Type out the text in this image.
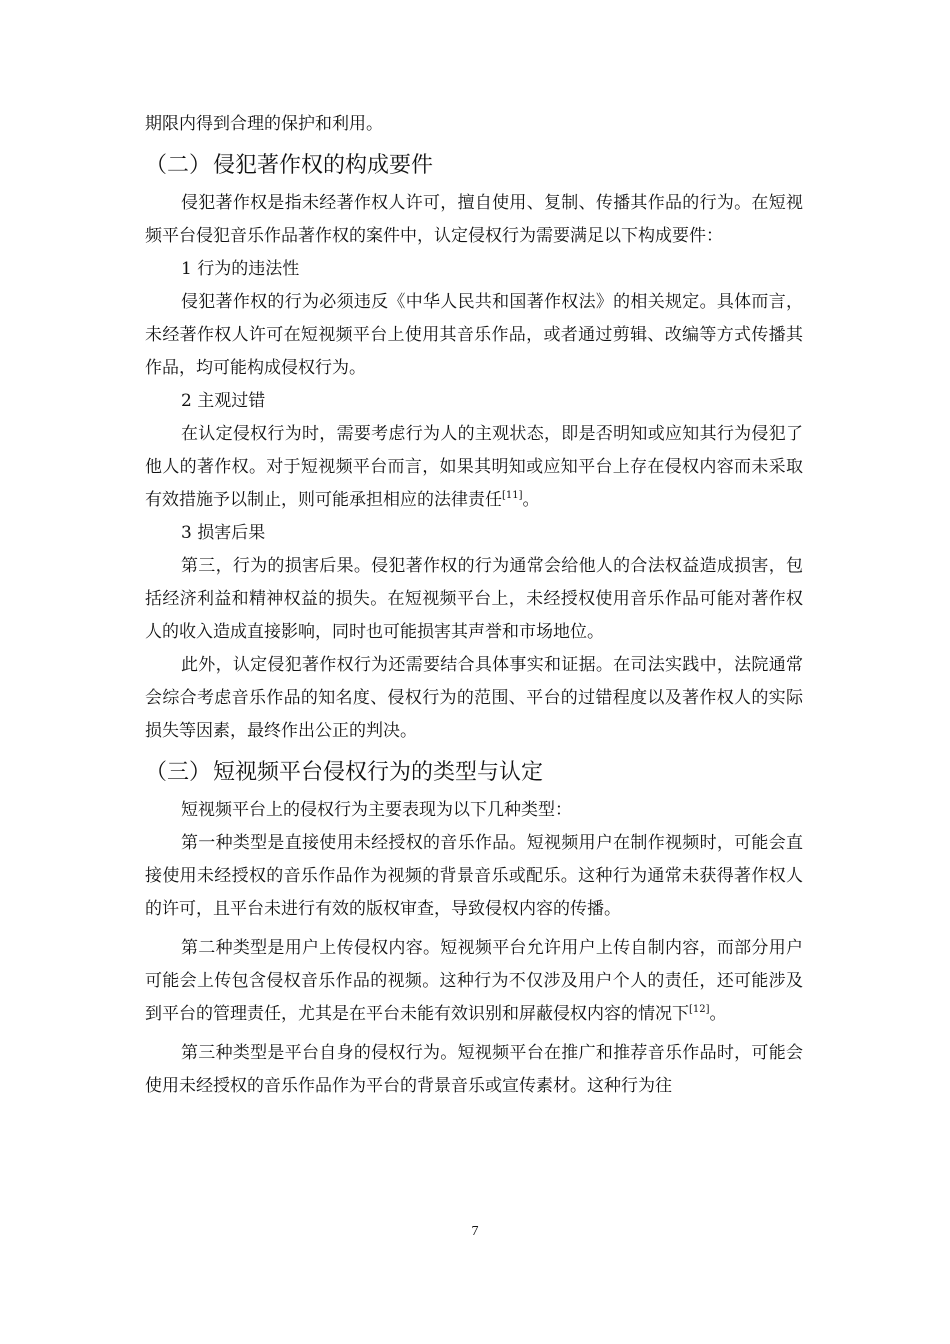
期限内得到合理的保护和利用。

（二）侵犯著作权的构成要件

侵犯著作权是指未经著作权人许可，擅自使用、复制、传播其作品的行为。在短视频平台侵犯音乐作品著作权的案件中，认定侵权行为需要满足以下构成要件：

1 行为的违法性

侵犯著作权的行为必须违反《中华人民共和国著作权法》的相关规定。具体而言，未经著作权人许可在短视频平台上使用其音乐作品，或者通过剪辑、改编等方式传播其作品，均可能构成侵权行为。

2 主观过错

在认定侵权行为时，需要考虑行为人的主观状态，即是否明知或应知其行为侵犯了他人的著作权。对于短视频平台而言，如果其明知或应知平台上存在侵权内容而未采取有效措施予以制止，则可能承担相应的法律责任[11]。

3 损害后果

第三，行为的损害后果。侵犯著作权的行为通常会给他人的合法权益造成损害，包括经济利益和精神权益的损失。在短视频平台上，未经授权使用音乐作品可能对著作权人的收入造成直接影响，同时也可能损害其声誉和市场地位。

此外，认定侵犯著作权行为还需要结合具体事实和证据。在司法实践中，法院通常会综合考虑音乐作品的知名度、侵权行为的范围、平台的过错程度以及著作权人的实际损失等因素，最终作出公正的判决。

（三）短视频平台侵权行为的类型与认定

短视频平台上的侵权行为主要表现为以下几种类型：

第一种类型是直接使用未经授权的音乐作品。短视频用户在制作视频时，可能会直接使用未经授权的音乐作品作为视频的背景音乐或配乐。这种行为通常未获得著作权人的许可，且平台未进行有效的版权审查，导致侵权内容的传播。

第二种类型是用户上传侵权内容。短视频平台允许用户上传自制内容，而部分用户可能会上传包含侵权音乐作品的视频。这种行为不仅涉及用户个人的责任，还可能涉及到平台的管理责任，尤其是在平台未能有效识别和屏蔽侵权内容的情况下[12]。

第三种类型是平台自身的侵权行为。短视频平台在推广和推荐音乐作品时，可能会使用未经授权的音乐作品作为平台的背景音乐或宣传素材。这种行为往

7
